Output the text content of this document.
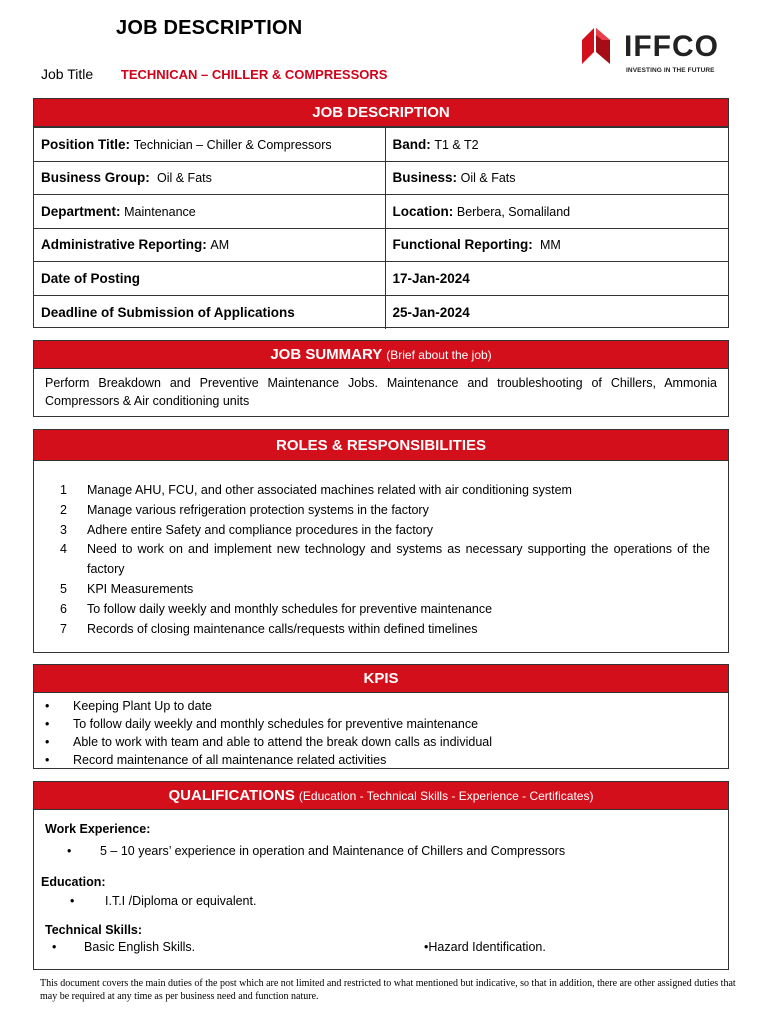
JOB DESCRIPTION
Job Title TECHNICAN – CHILLER & COMPRESSORS
IFFCO
INVESTING IN THE FUTURE
JOB DESCRIPTION
Position Title: Technician – Chiller & Compressors	Band: T1 & T2
Business Group: Oil & Fats	Business: Oil & Fats
Department: Maintenance	Location: Berbera, Somaliland
Administrative Reporting: AM	Functional Reporting: MM
Date of Posting	17-Jan-2024
Deadline of Submission of Applications	25-Jan-2024
JOB SUMMARY (Brief about the job)
Perform Breakdown and Preventive Maintenance Jobs. Maintenance and troubleshooting of Chillers, Ammonia Compressors & Air conditioning units
ROLES & RESPONSIBILITIES
1	Manage AHU, FCU, and other associated machines related with air conditioning system
2	Manage various refrigeration protection systems in the factory
3	Adhere entire Safety and compliance procedures in the factory
4	Need to work on and implement new technology and systems as necessary supporting the operations of the factory
5	KPI Measurements
6	To follow daily weekly and monthly schedules for preventive maintenance
7	Records of closing maintenance calls/requests within defined timelines
KPIS
•	Keeping Plant Up to date
•	To follow daily weekly and monthly schedules for preventive maintenance
•	Able to work with team and able to attend the break down calls as individual
•	Record maintenance of all maintenance related activities
QUALIFICATIONS (Education - Technical Skills - Experience - Certificates)
Work Experience:
•	5 – 10 years’ experience in operation and Maintenance of Chillers and Compressors
Education:
•	I.T.I /Diploma or equivalent.
Technical Skills:
•	Basic English Skills.	• Hazard Identification.
This document covers the main duties of the post which are not limited and restricted to what mentioned but indicative, so that in addition, there are other assigned duties that may be required at any time as per business need and function nature.
